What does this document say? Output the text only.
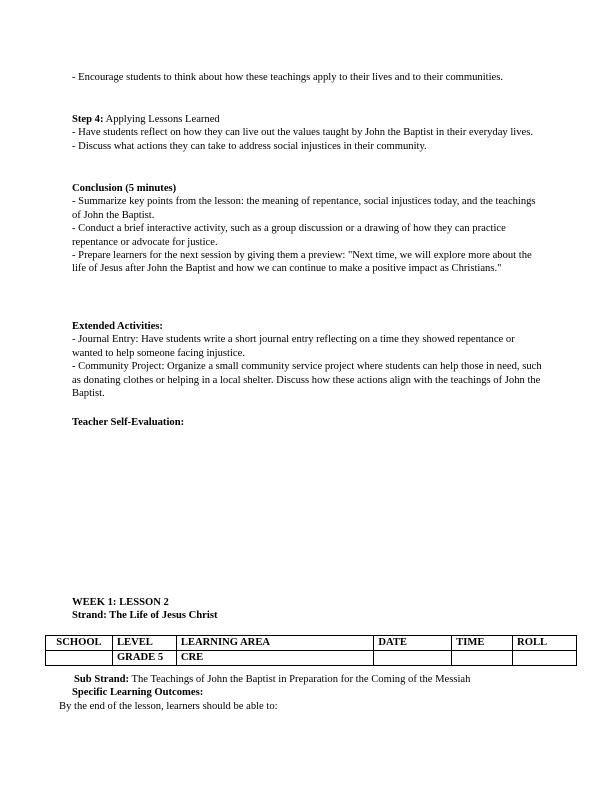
- Encourage students to think about how these teachings apply to their lives and to their communities.

Step 4: Applying Lessons Learned

- Have students reflect on how they can live out the values taught by John the Baptist in their everyday lives.

- Discuss what actions they can take to address social injustices in their community.

Conclusion (5 minutes)

- Summarize key points from the lesson: the meaning of repentance, social injustices today, and the teachings of John the Baptist.

- Conduct a brief interactive activity, such as a group discussion or a drawing of how they can practice repentance or advocate for justice.

- Prepare learners for the next session by giving them a preview: "Next time, we will explore more about the life of Jesus after John the Baptist and how we can continue to make a positive impact as Christians."

Extended Activities:

- Journal Entry: Have students write a short journal entry reflecting on a time they showed repentance or wanted to help someone facing injustice.

- Community Project: Organize a small community service project where students can help those in need, such as donating clothes or helping in a local shelter. Discuss how these actions align with the teachings of John the Baptist.

Teacher Self-Evaluation:

WEEK 1: LESSON 2

Strand: The Life of Jesus Christ

SCHOOL	LEVEL	LEARNING AREA	DATE	TIME	ROLL
	GRADE 5	CRE			

Sub Strand: The Teachings of John the Baptist in Preparation for the Coming of the Messiah

Specific Learning Outcomes:

By the end of the lesson, learners should be able to:
